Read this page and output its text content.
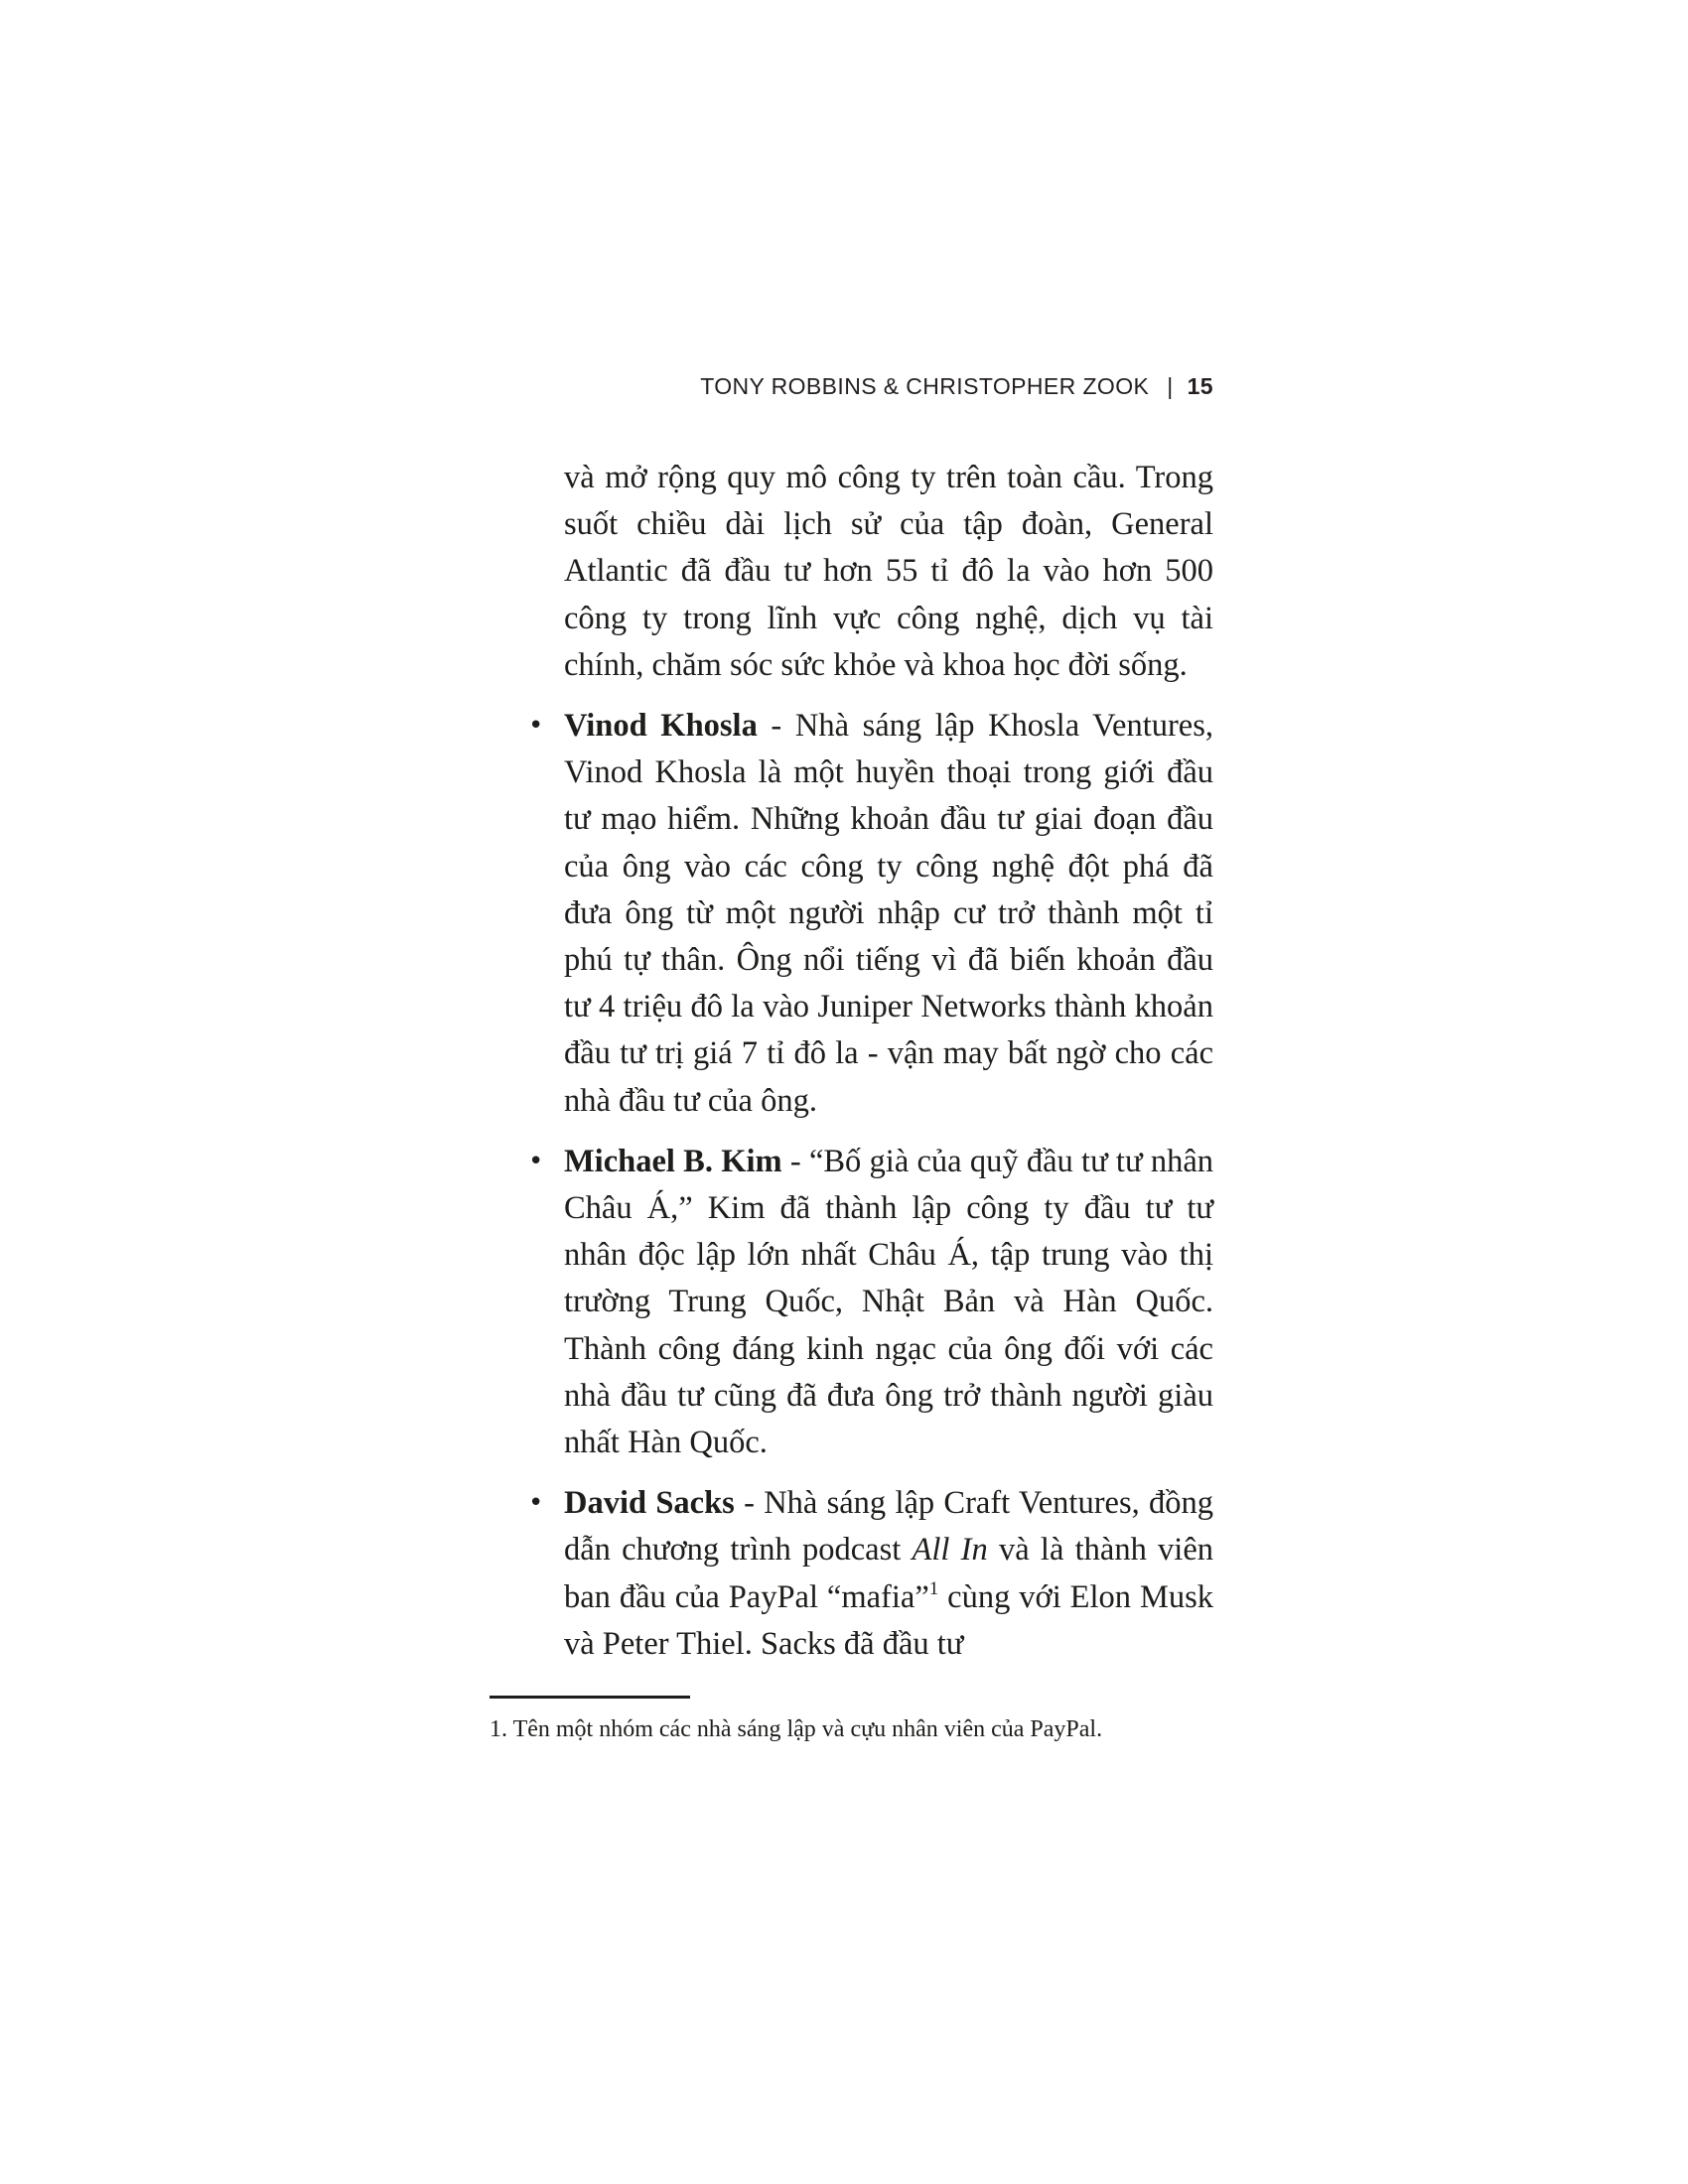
TONY ROBBINS & CHRISTOPHER ZOOK | 15

và mở rộng quy mô công ty trên toàn cầu. Trong suốt chiều dài lịch sử của tập đoàn, General Atlantic đã đầu tư hơn 55 tỉ đô la vào hơn 500 công ty trong lĩnh vực công nghệ, dịch vụ tài chính, chăm sóc sức khỏe và khoa học đời sống.

• Vinod Khosla - Nhà sáng lập Khosla Ventures, Vinod Khosla là một huyền thoại trong giới đầu tư mạo hiểm. Những khoản đầu tư giai đoạn đầu của ông vào các công ty công nghệ đột phá đã đưa ông từ một người nhập cư trở thành một tỉ phú tự thân. Ông nổi tiếng vì đã biến khoản đầu tư 4 triệu đô la vào Juniper Networks thành khoản đầu tư trị giá 7 tỉ đô la - vận may bất ngờ cho các nhà đầu tư của ông.
• Michael B. Kim - “Bố già của quỹ đầu tư tư nhân Châu Á,” Kim đã thành lập công ty đầu tư tư nhân độc lập lớn nhất Châu Á, tập trung vào thị trường Trung Quốc, Nhật Bản và Hàn Quốc. Thành công đáng kinh ngạc của ông đối với các nhà đầu tư cũng đã đưa ông trở thành người giàu nhất Hàn Quốc.
• David Sacks - Nhà sáng lập Craft Ventures, đồng dẫn chương trình podcast All In và là thành viên ban đầu của PayPal “mafia”$^1$ cùng với Elon Musk và Peter Thiel. Sacks đã đầu tư
1. Tên một nhóm các nhà sáng lập và cựu nhân viên của PayPal.
